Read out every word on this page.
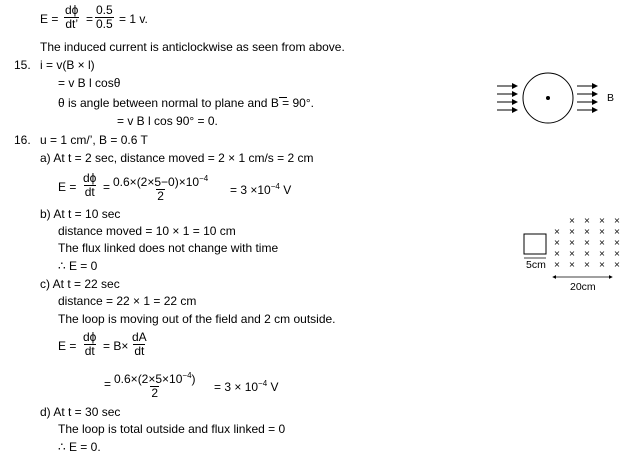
$E = \frac{d\phi}{dt’} = \frac{0.5}{0.5} = 1$ v.
The induced current is anticlockwise as seen from above.
15. i = v(B × l)
= v B l cosθ
θ is angle between normal to plane and B = 90°.
= v B l cos 90° = 0.
B
16. u = 1 cm/’, B = 0.6 T
a) At t = 2 sec, distance moved = 2 × 1 cm/s = 2 cm
$E = \frac{d\phi}{dt} = \frac{0.6\times(2\times 5-0)\times 10^{-4}}{2} = 3 \times 10^{-4}$ V
b) At t = 10 sec
distance moved = 10 × 1 = 10 cm
The flux linked does not change with time
∴ E = 0
c) At t = 22 sec
distance = 22 × 1 = 22 cm
The loop is moving out of the field and 2 cm outside.
$E = \frac{d\phi}{dt} = B\times \frac{dA}{dt}$
= $\frac{0.6\times(2\times 5\times 10^{-4})}{2} = 3 \times 10^{-4}$ V
d) At t = 30 sec
The loop is total outside and flux linked = 0
∴ E = 0.
× × × ×
× × × × ×
× × × × ×
× × × × ×
× × × × ×
5cm
20cm
